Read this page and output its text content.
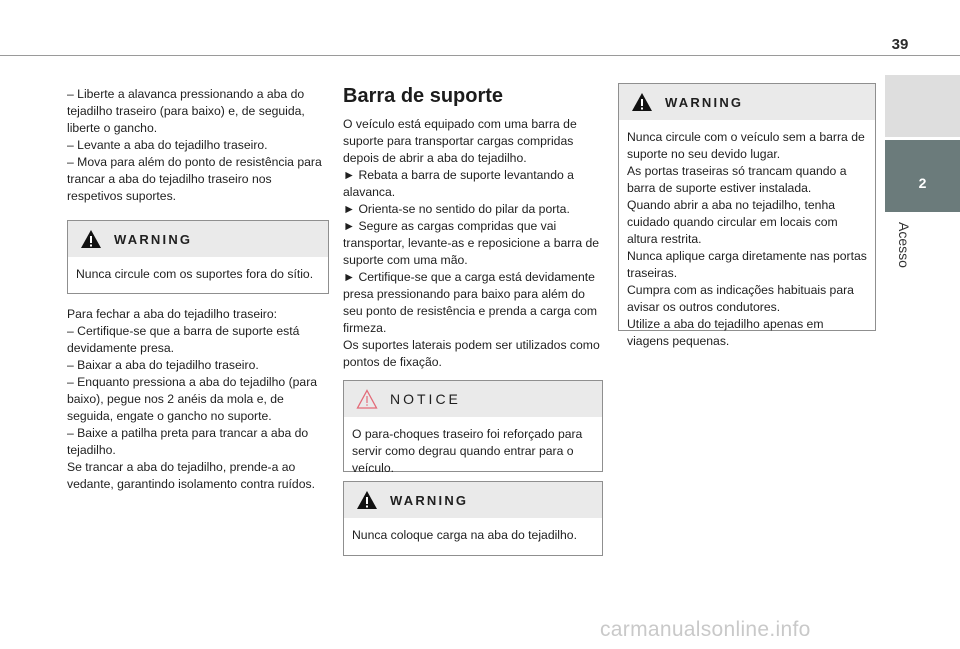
39
2
Acesso

– Liberte a alavanca pressionando a aba do tejadilho traseiro (para baixo) e, de seguida, liberte o gancho.
– Levante a aba do tejadilho traseiro.
– Mova para além do ponto de resistência para trancar a aba do tejadilho traseiro nos respetivos suportes.

WARNING
Nunca circule com os suportes fora do sítio.

Para fechar a aba do tejadilho traseiro:
– Certifique-se que a barra de suporte está devidamente presa.
– Baixar a aba do tejadilho traseiro.
– Enquanto pressiona a aba do tejadilho (para baixo), pegue nos 2 anéis da mola e, de seguida, engate o gancho no suporte.
– Baixe a patilha preta para trancar a aba do tejadilho.
Se trancar a aba do tejadilho, prende-a ao vedante, garantindo isolamento contra ruídos.

Barra de suporte

O veículo está equipado com uma barra de suporte para transportar cargas compridas depois de abrir a aba do tejadilho.
► Rebata a barra de suporte levantando a alavanca.
► Orienta-se no sentido do pilar da porta.
► Segure as cargas compridas que vai transportar, levante-as e reposicione a barra de suporte com uma mão.
► Certifique-se que a carga está devidamente presa pressionando para baixo para além do seu ponto de resistência e prenda a carga com firmeza.
Os suportes laterais podem ser utilizados como pontos de fixação.

NOTICE
O para-choques traseiro foi reforçado para servir como degrau quando entrar para o veículo.
WARNING
Nunca coloque carga na aba do tejadilho.
WARNING
Nunca circule com o veículo sem a barra de suporte no seu devido lugar.
As portas traseiras só trancam quando a barra de suporte estiver instalada.
Quando abrir a aba no tejadilho, tenha cuidado quando circular em locais com altura restrita.
Nunca aplique carga diretamente nas portas traseiras.
Cumpra com as indicações habituais para avisar os outros condutores.
Utilize a aba do tejadilho apenas em viagens pequenas.
carmanualsonline.info
